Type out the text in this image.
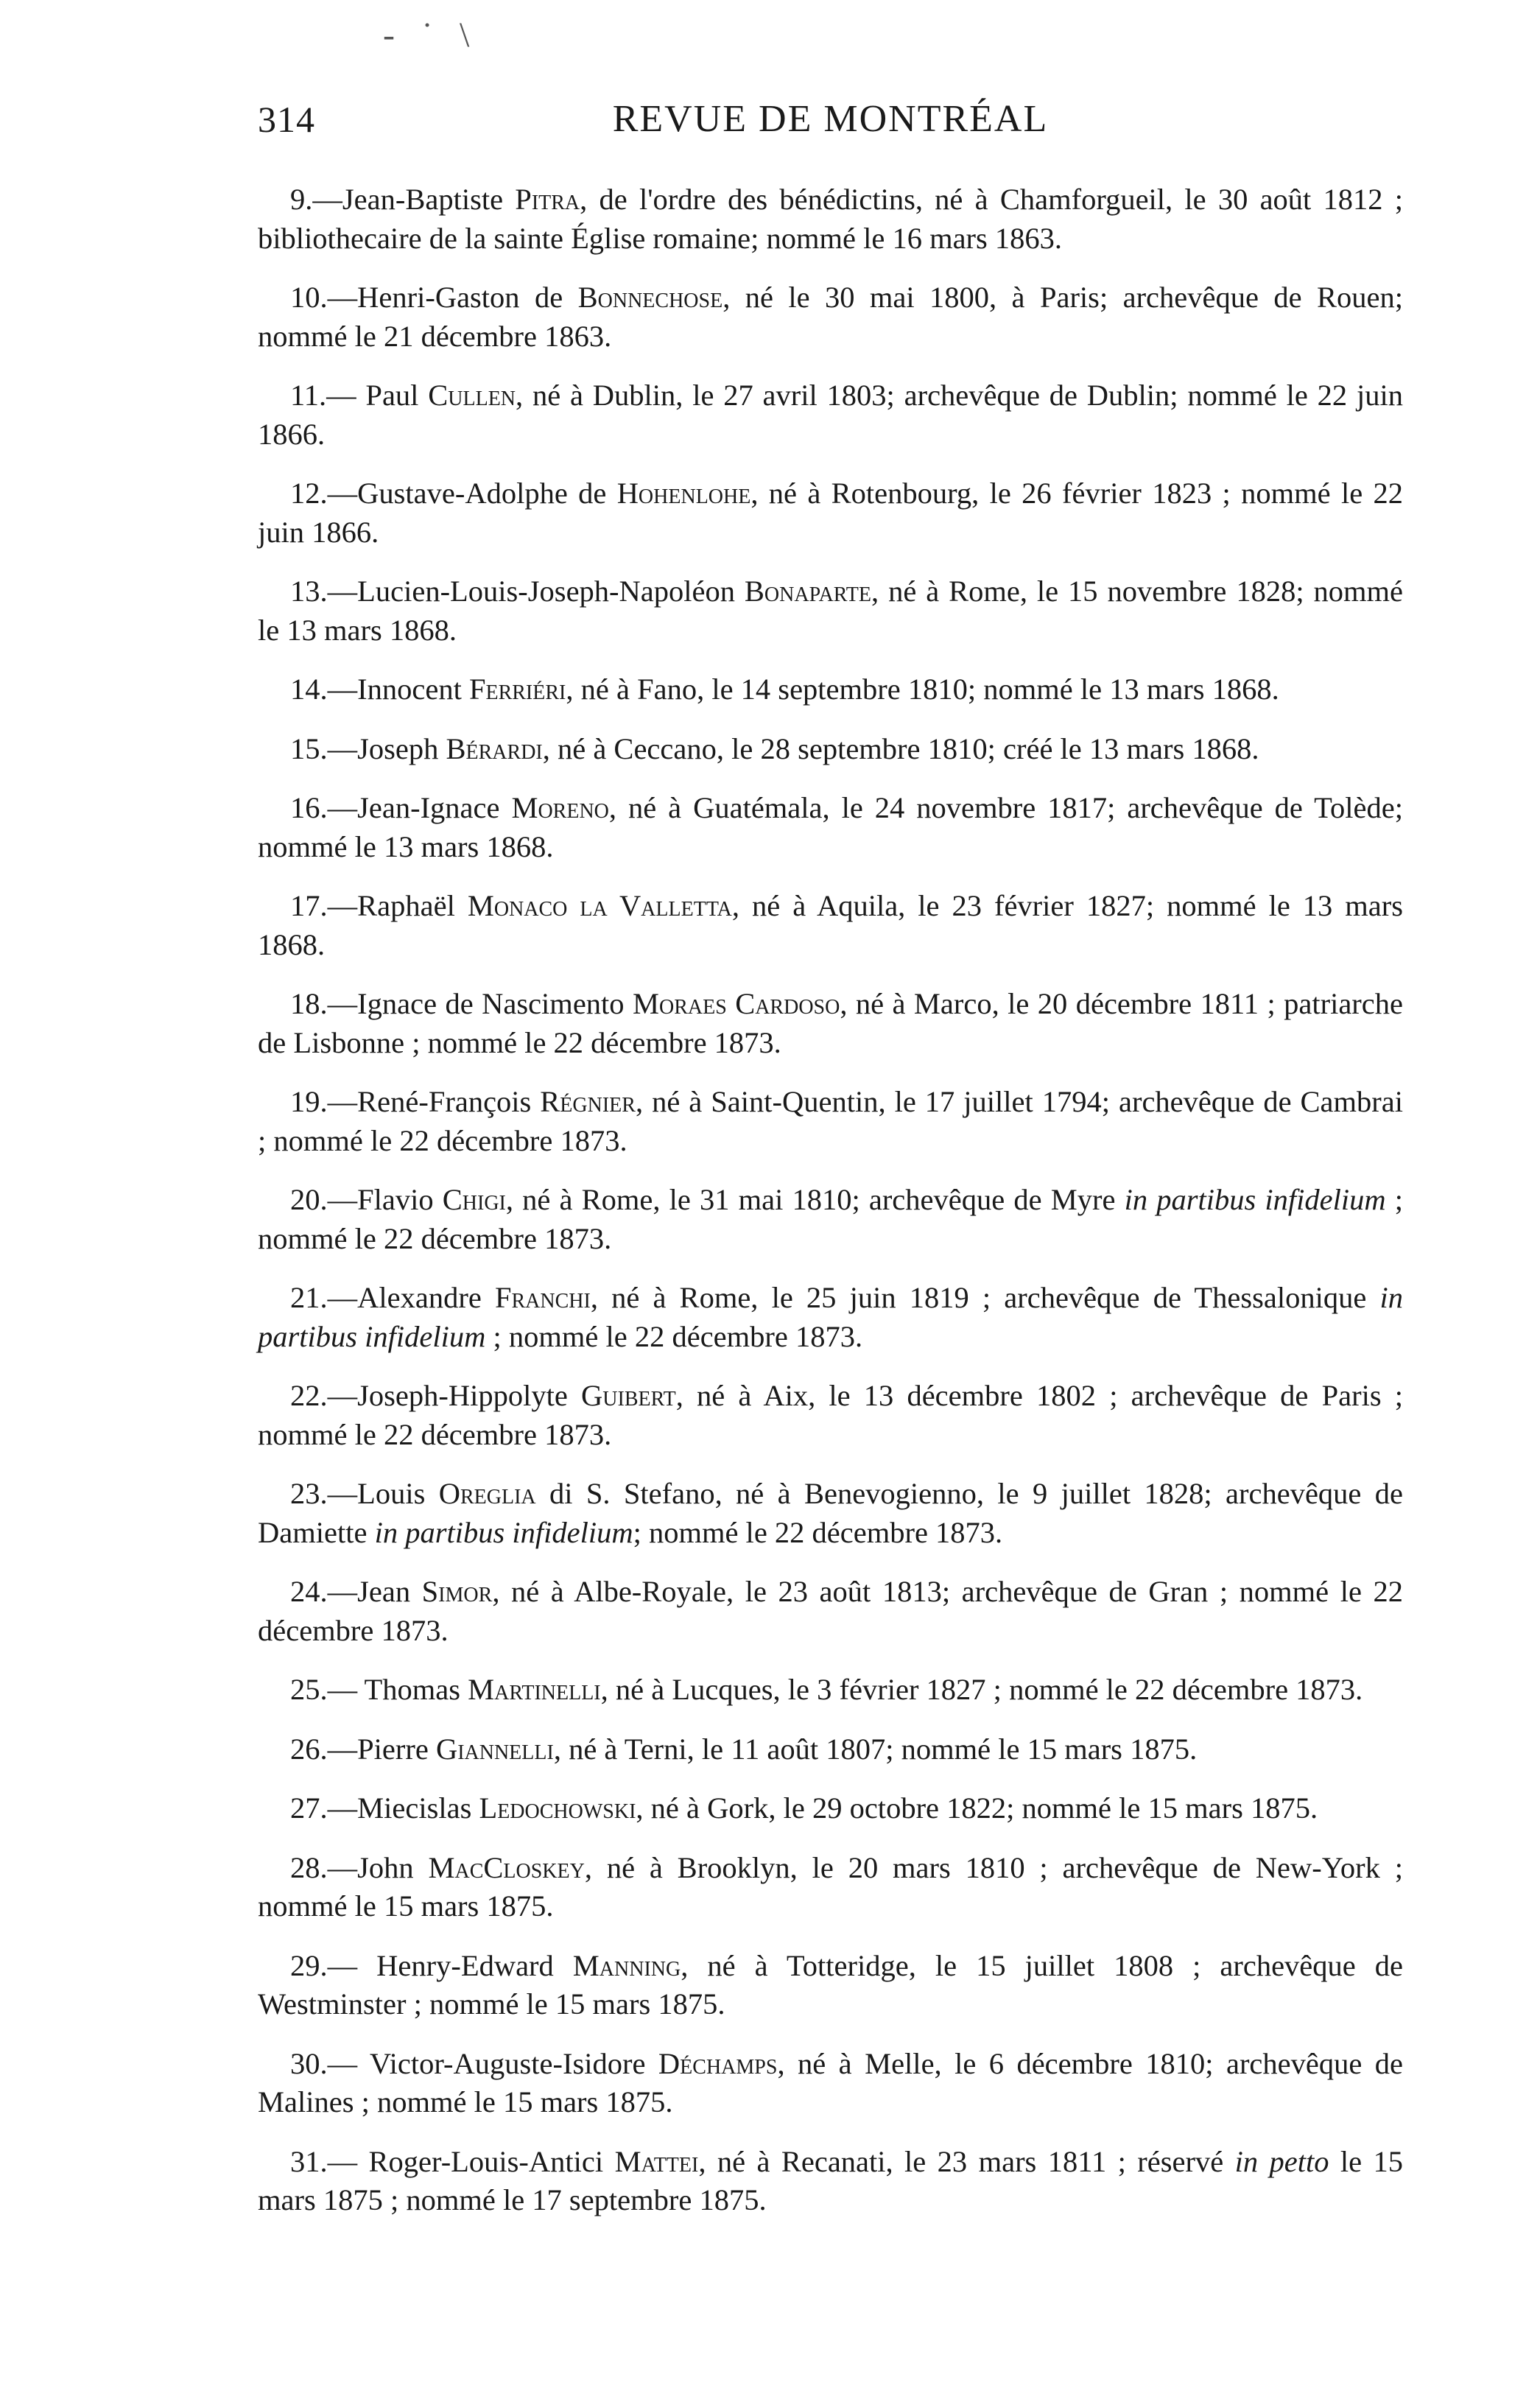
- ˙ \
314	REVUE DE MONTRÉAL

9.—Jean-Baptiste Pitra, de l'ordre des bénédictins, né à Chamforgueil, le 30 août 1812 ; bibliothecaire de la sainte Église romaine; nommé le 16 mars 1863.

10.—Henri-Gaston de Bonnechose, né le 30 mai 1800, à Paris; archevêque de Rouen; nommé le 21 décembre 1863.

11.— Paul Cullen, né à Dublin, le 27 avril 1803; archevêque de Dublin; nommé le 22 juin 1866.

12.—Gustave-Adolphe de Hohenlohe, né à Rotenbourg, le 26 février 1823 ; nommé le 22 juin 1866.

13.—Lucien-Louis-Joseph-Napoléon Bonaparte, né à Rome, le 15 novembre 1828; nommé le 13 mars 1868.

14.—Innocent Ferriéri, né à Fano, le 14 septembre 1810; nommé le 13 mars 1868.

15.—Joseph Bérardi, né à Ceccano, le 28 septembre 1810; créé le 13 mars 1868.

16.—Jean-Ignace Moreno, né à Guatémala, le 24 novembre 1817; archevêque de Tolède; nommé le 13 mars 1868.

17.—Raphaël Monaco la Valletta, né à Aquila, le 23 février 1827; nommé le 13 mars 1868.

18.—Ignace de Nascimento Moraes Cardoso, né à Marco, le 20 décembre 1811 ; patriarche de Lisbonne ; nommé le 22 décembre 1873.

19.—René-François Régnier, né à Saint-Quentin, le 17 juillet 1794; archevêque de Cambrai ; nommé le 22 décembre 1873.

20.—Flavio Chigi, né à Rome, le 31 mai 1810; archevêque de Myre in partibus infidelium ; nommé le 22 décembre 1873.

21.—Alexandre Franchi, né à Rome, le 25 juin 1819 ; archevêque de Thessalonique in partibus infidelium ; nommé le 22 décembre 1873.

22.—Joseph-Hippolyte Guibert, né à Aix, le 13 décembre 1802 ; archevêque de Paris ; nommé le 22 décembre 1873.

23.—Louis Oreglia di S. Stefano, né à Benevogienno, le 9 juillet 1828; archevêque de Damiette in partibus infidelium; nommé le 22 décembre 1873.

24.—Jean Simor, né à Albe-Royale, le 23 août 1813; archevêque de Gran ; nommé le 22 décembre 1873.

25.— Thomas Martinelli, né à Lucques, le 3 février 1827 ; nommé le 22 décembre 1873.

26.—Pierre Giannelli, né à Terni, le 11 août 1807; nommé le 15 mars 1875.

27.—Miecislas Ledochowski, né à Gork, le 29 octobre 1822; nommé le 15 mars 1875.

28.—John MacCloskey, né à Brooklyn, le 20 mars 1810 ; archevêque de New-York ; nommé le 15 mars 1875.

29.— Henry-Edward Manning, né à Totteridge, le 15 juillet 1808 ; archevêque de Westminster ; nommé le 15 mars 1875.

30.— Victor-Auguste-Isidore Déchamps, né à Melle, le 6 décembre 1810; archevêque de Malines ; nommé le 15 mars 1875.

31.— Roger-Louis-Antici Mattei, né à Recanati, le 23 mars 1811 ; réservé in petto le 15 mars 1875 ; nommé le 17 septembre 1875.
